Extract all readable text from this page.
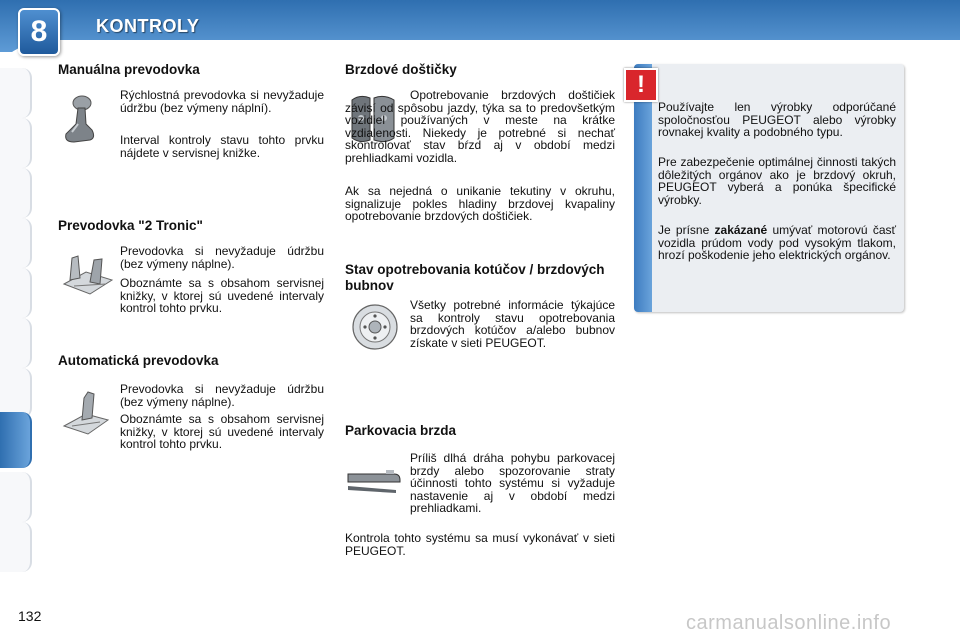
8	KONTROLY
Manuálna prevodovka

Rýchlostná prevodovka si nevyžaduje údržbu (bez výmeny náplní).

Interval kontroly stavu tohto prvku nájdete v servisnej knižke.

Prevodovka "2 Tronic"

Prevodovka si nevyžaduje údržbu (bez výmeny náplne).

Oboznámte sa s obsahom servisnej knižky, v ktorej sú uvedené intervaly kontrol tohto prvku.

Automatická prevodovka

Prevodovka si nevyžaduje údržbu (bez výmeny náplne).

Oboznámte sa s obsahom servisnej knižky, v ktorej sú uvedené intervaly kontrol tohto prvku.

Brzdové doštičky

Opotrebovanie brzdových doštičiek závisí od spôsobu jazdy, týka sa to predovšetkým vozidiel používaných v meste na krátke vzdialenosti. Niekedy je potrebné si nechať skontrolovať stav bŕzd aj v období medzi prehliadkami vozidla.

Ak sa nejedná o unikanie tekutiny v okruhu, signalizuje pokles hladiny brzdovej kvapaliny opotrebovanie brzdových doštičiek.

Stav opotrebovania kotúčov / brzdových bubnov

Všetky potrebné informácie týkajúce sa kontroly stavu opotrebovania brzdových kotúčov a/alebo bubnov získate v sieti PEUGEOT.

Parkovacia brzda

Príliš dlhá dráha pohybu parkovacej brzdy alebo spozorovanie straty účinnosti tohto systému si vyžaduje nastavenie aj v období medzi prehliadkami.

Kontrola tohto systému sa musí vykonávať v sieti PEUGEOT.

!

Používajte len výrobky odporúčané spoločnosťou PEUGEOT alebo výrobky rovnakej kvality a podobného typu.

Pre zabezpečenie optimálnej činnosti takých dôležitých orgánov ako je brzdový okruh, PEUGEOT vyberá a ponúka špecifické výrobky.

Je prísne zakázané umývať motorovú časť vozidla prúdom vody pod vysokým tlakom, hrozí poškodenie jeho elektrických orgánov.

132	carmanualsonline.info
